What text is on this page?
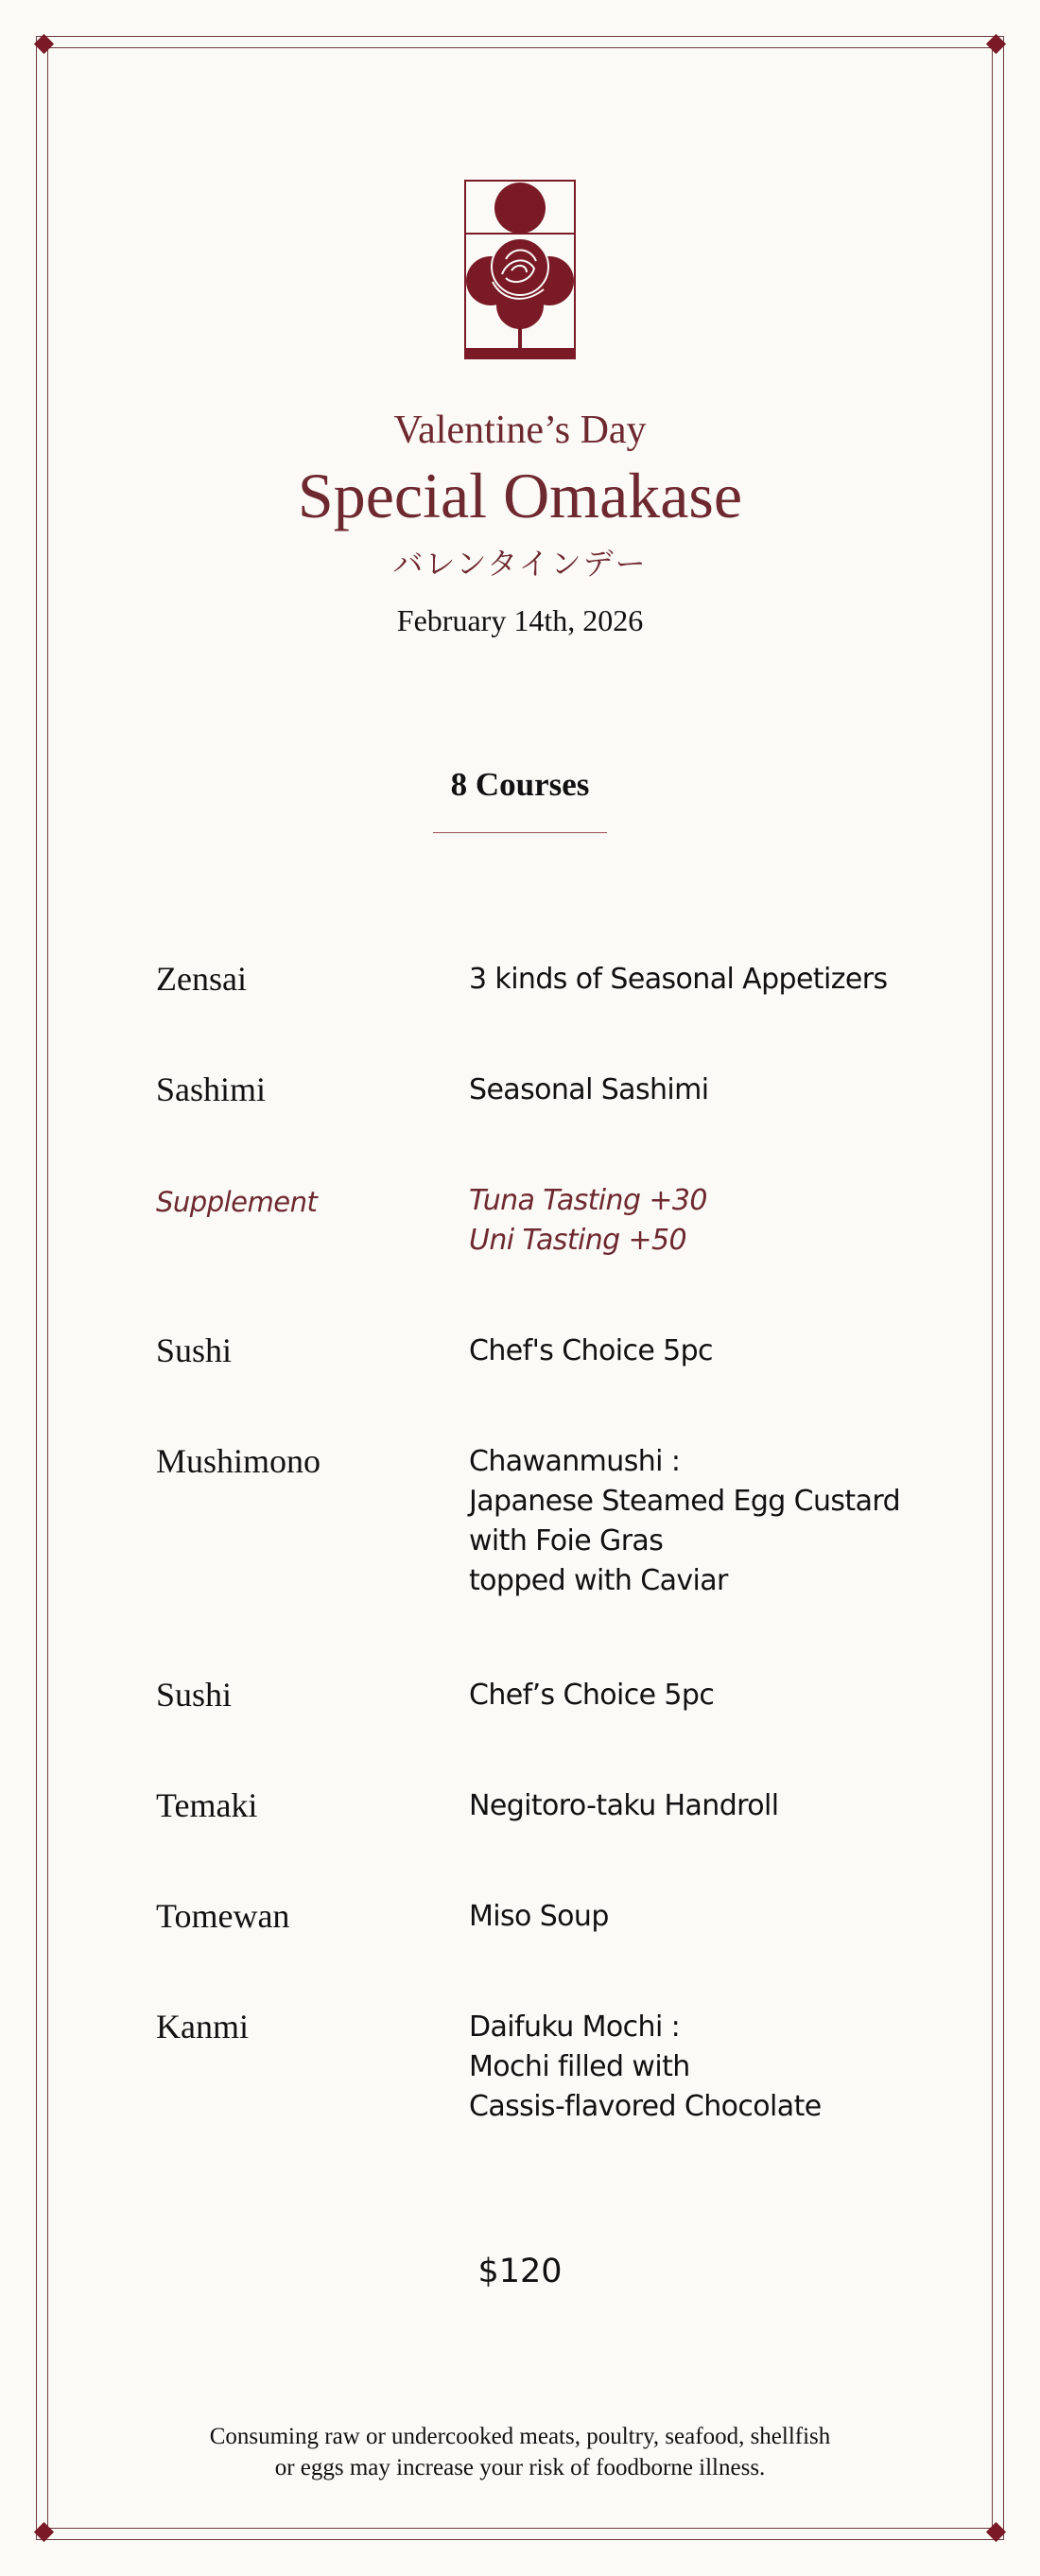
Valentine’s Day
Special Omakase
バレンタインデー
February 14th, 2026
8 Courses
Zensai	3 kinds of Seasonal Appetizers
Sashimi	Seasonal Sashimi
Supplement	Tuna Tasting +30
Uni Tasting +50
Sushi	Chef's Choice 5pc
Mushimono	Chawanmushi :
Japanese Steamed Egg Custard
with Foie Gras
topped with Caviar
Sushi	Chef’s Choice 5pc
Temaki	Negitoro-taku Handroll
Tomewan	Miso Soup
Kanmi	Daifuku Mochi :
Mochi filled with
Cassis-flavored Chocolate
$120
Consuming raw or undercooked meats, poultry, seafood, shellfish
or eggs may increase your risk of foodborne illness.
